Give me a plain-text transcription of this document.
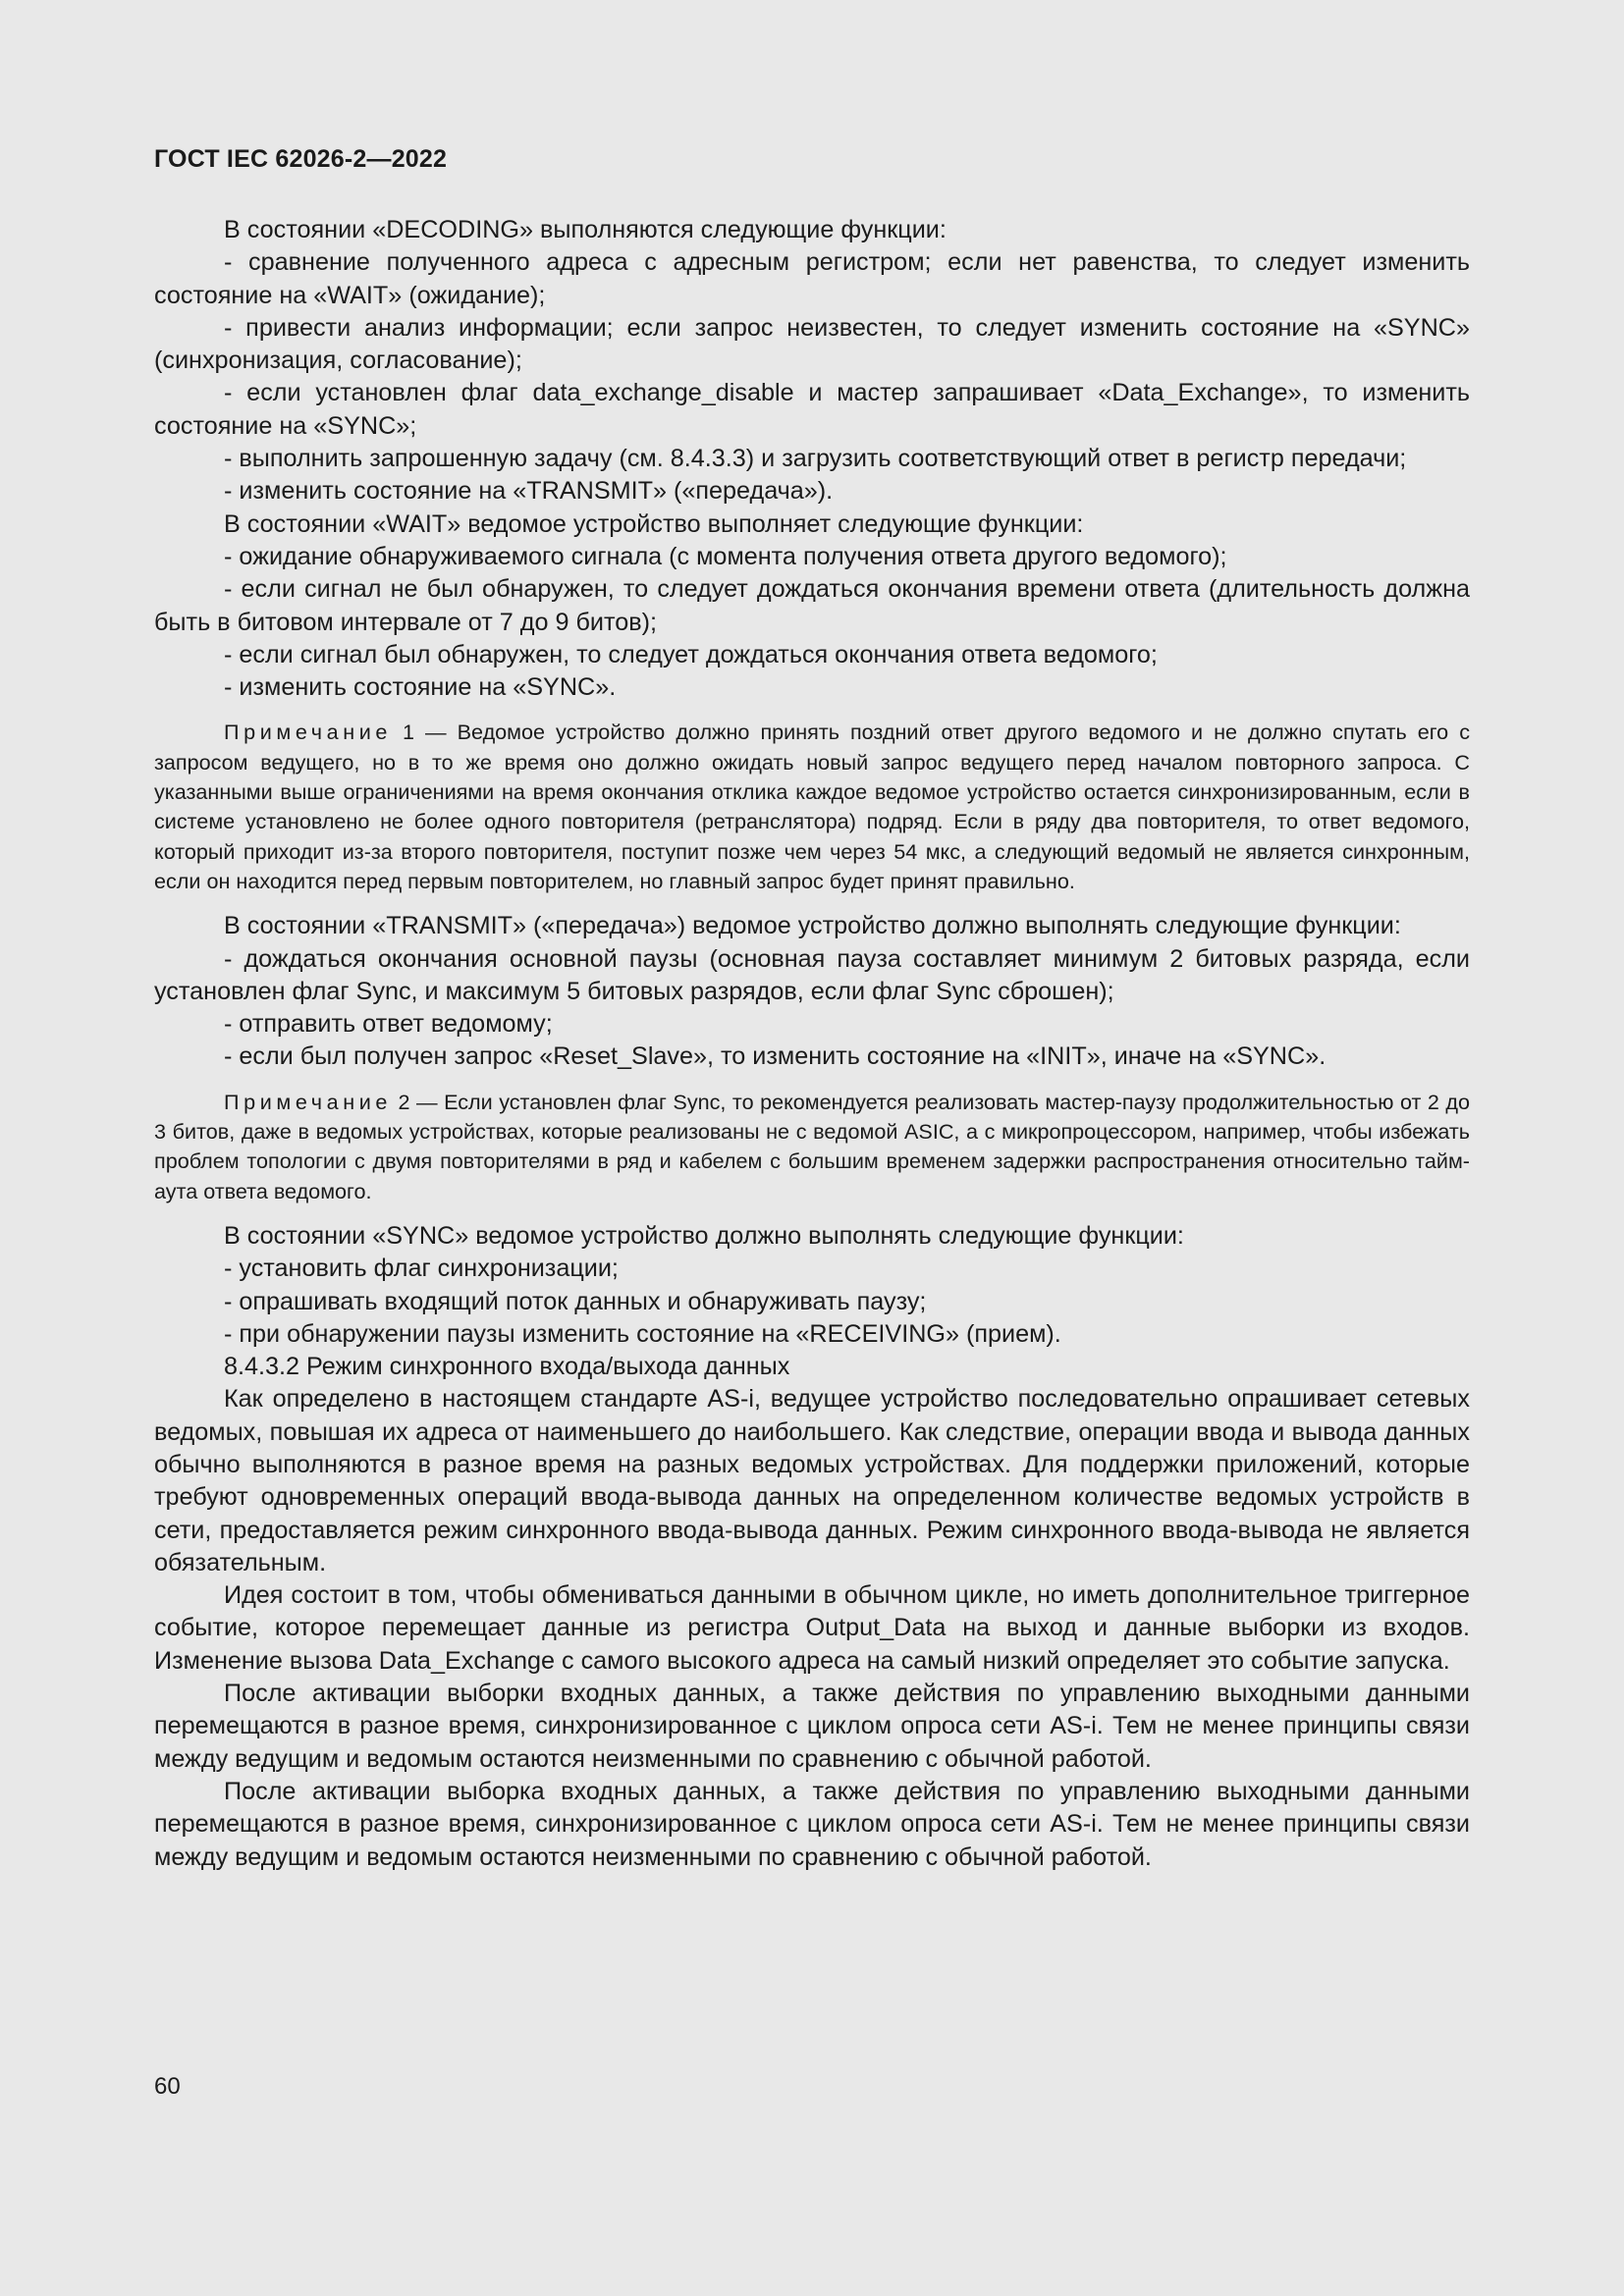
ГОСТ IEC 62026-2—2022

В состоянии «DECODING» выполняются следующие функции:

- сравнение полученного адреса с адресным регистром; если нет равенства, то следует изменить состояние на «WAIT» (ожидание);

- привести анализ информации; если запрос неизвестен, то следует изменить состояние на «SYNC» (синхронизация, согласование);

- если установлен флаг data_exchange_disable и мастер запрашивает «Data_Exchange», то изменить состояние на «SYNC»;

- выполнить запрошенную задачу (см. 8.4.3.3) и загрузить соответствующий ответ в регистр передачи;

- изменить состояние на «TRANSMIT» («передача»).

В состоянии «WAIT» ведомое устройство выполняет следующие функции:

- ожидание обнаруживаемого сигнала (с момента получения ответа другого ведомого);

- если сигнал не был обнаружен, то следует дождаться окончания времени ответа (длительность должна быть в битовом интервале от 7 до 9 битов);

- если сигнал был обнаружен, то следует дождаться окончания ответа ведомого;

- изменить состояние на «SYNC».

Примечание 1 — Ведомое устройство должно принять поздний ответ другого ведомого и не должно спутать его с запросом ведущего, но в то же время оно должно ожидать новый запрос ведущего перед началом повторного запроса. С указанными выше ограничениями на время окончания отклика каждое ведомое устройство остается синхронизированным, если в системе установлено не более одного повторителя (ретранслятора) подряд. Если в ряду два повторителя, то ответ ведомого, который приходит из-за второго повторителя, поступит позже чем через 54 мкс, а следующий ведомый не является синхронным, если он находится перед первым повторителем, но главный запрос будет принят правильно.

В состоянии «TRANSMIT» («передача») ведомое устройство должно выполнять следующие функции:

- дождаться окончания основной паузы (основная пауза составляет минимум 2 битовых разряда, если установлен флаг Sync, и максимум 5 битовых разрядов, если флаг Sync сброшен);

- отправить ответ ведомому;

- если был получен запрос «Reset_Slave», то изменить состояние на «INIT», иначе на «SYNC».

Примечание 2 — Если установлен флаг Sync, то рекомендуется реализовать мастер-паузу продолжительностью от 2 до 3 битов, даже в ведомых устройствах, которые реализованы не с ведомой ASIC, а с микропроцессором, например, чтобы избежать проблем топологии с двумя повторителями в ряд и кабелем с большим временем задержки распространения относительно тайм-аута ответа ведомого.

В состоянии «SYNC» ведомое устройство должно выполнять следующие функции:

- установить флаг синхронизации;

- опрашивать входящий поток данных и обнаруживать паузу;

- при обнаружении паузы изменить состояние на «RECEIVING» (прием).

8.4.3.2 Режим синхронного входа/выхода данных

Как определено в настоящем стандарте AS-i, ведущее устройство последовательно опрашивает сетевых ведомых, повышая их адреса от наименьшего до наибольшего. Как следствие, операции ввода и вывода данных обычно выполняются в разное время на разных ведомых устройствах. Для поддержки приложений, которые требуют одновременных операций ввода-вывода данных на определенном количестве ведомых устройств в сети, предоставляется режим синхронного ввода-вывода данных. Режим синхронного ввода-вывода не является обязательным.

Идея состоит в том, чтобы обмениваться данными в обычном цикле, но иметь дополнительное триггерное событие, которое перемещает данные из регистра Output_Data на выход и данные выборки из входов. Изменение вызова Data_Exchange с самого высокого адреса на самый низкий определяет это событие запуска.

После активации выборки входных данных, а также действия по управлению выходными данными перемещаются в разное время, синхронизированное с циклом опроса сети AS-i. Тем не менее принципы связи между ведущим и ведомым остаются неизменными по сравнению с обычной работой.

После активации выборка входных данных, а также действия по управлению выходными данными перемещаются в разное время, синхронизированное с циклом опроса сети AS-i. Тем не менее принципы связи между ведущим и ведомым остаются неизменными по сравнению с обычной работой.

60
